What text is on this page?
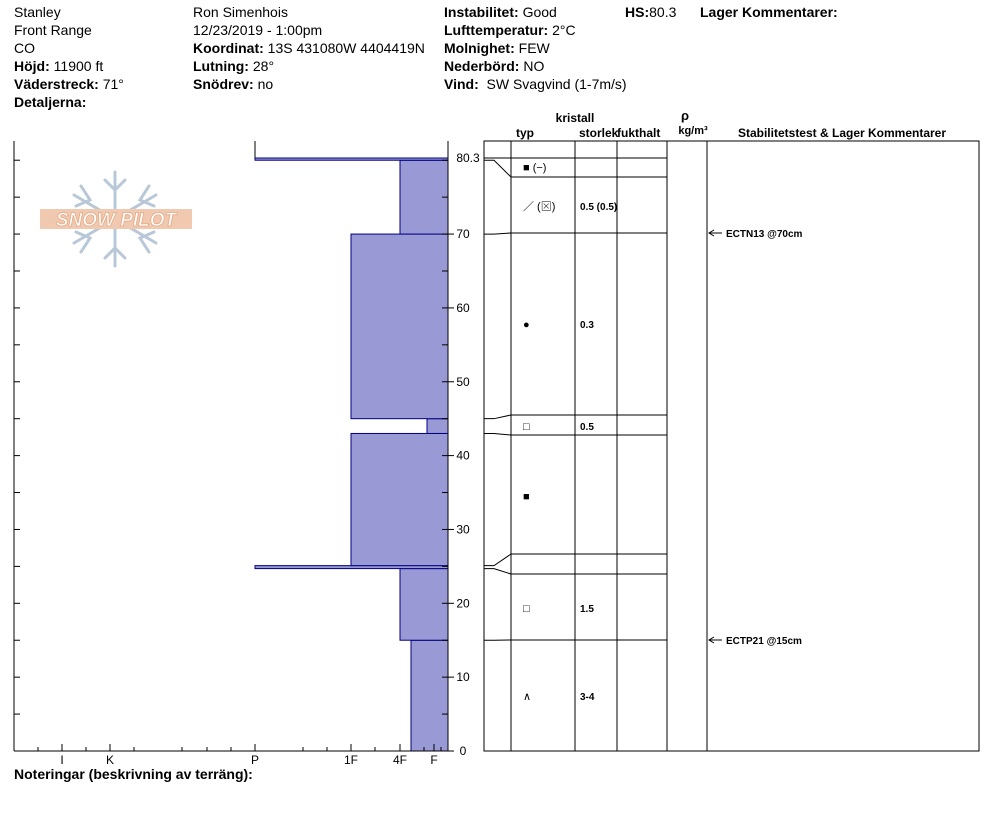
Stanley
Front Range
CO
Höjd: 11900 ft
Väderstreck: 71°
Detaljerna:
Ron Simenhois
12/23/2019 - 1:00pm
Koordinat: 13S 431080W 4404419N
Lutning: 28°
Snödrev: no
Instabilitet: Good
Lufttemperatur: 2°C
Molnighet: FEW
Nederbörd: NO
Vind: SW Svagvind (1-7m/s)
HS:80.3 Lager Kommentarer:
Noteringar (beskrivning av terräng):
SNOW PILOT
I	K	P	1F	4F F
0
10
20
30
40
50
60
70
80.3
■ (−)
／ (⊠) 0.5 (0.5)
●	0.3
□	0.5
■
□	1.5
∧	3-4
ECTN13 @70cm
ECTP21 @15cm
kristall
typ	storlek
fukthalt
ρ
kg/m³	Stabilitetstest & Lager Kommentarer
